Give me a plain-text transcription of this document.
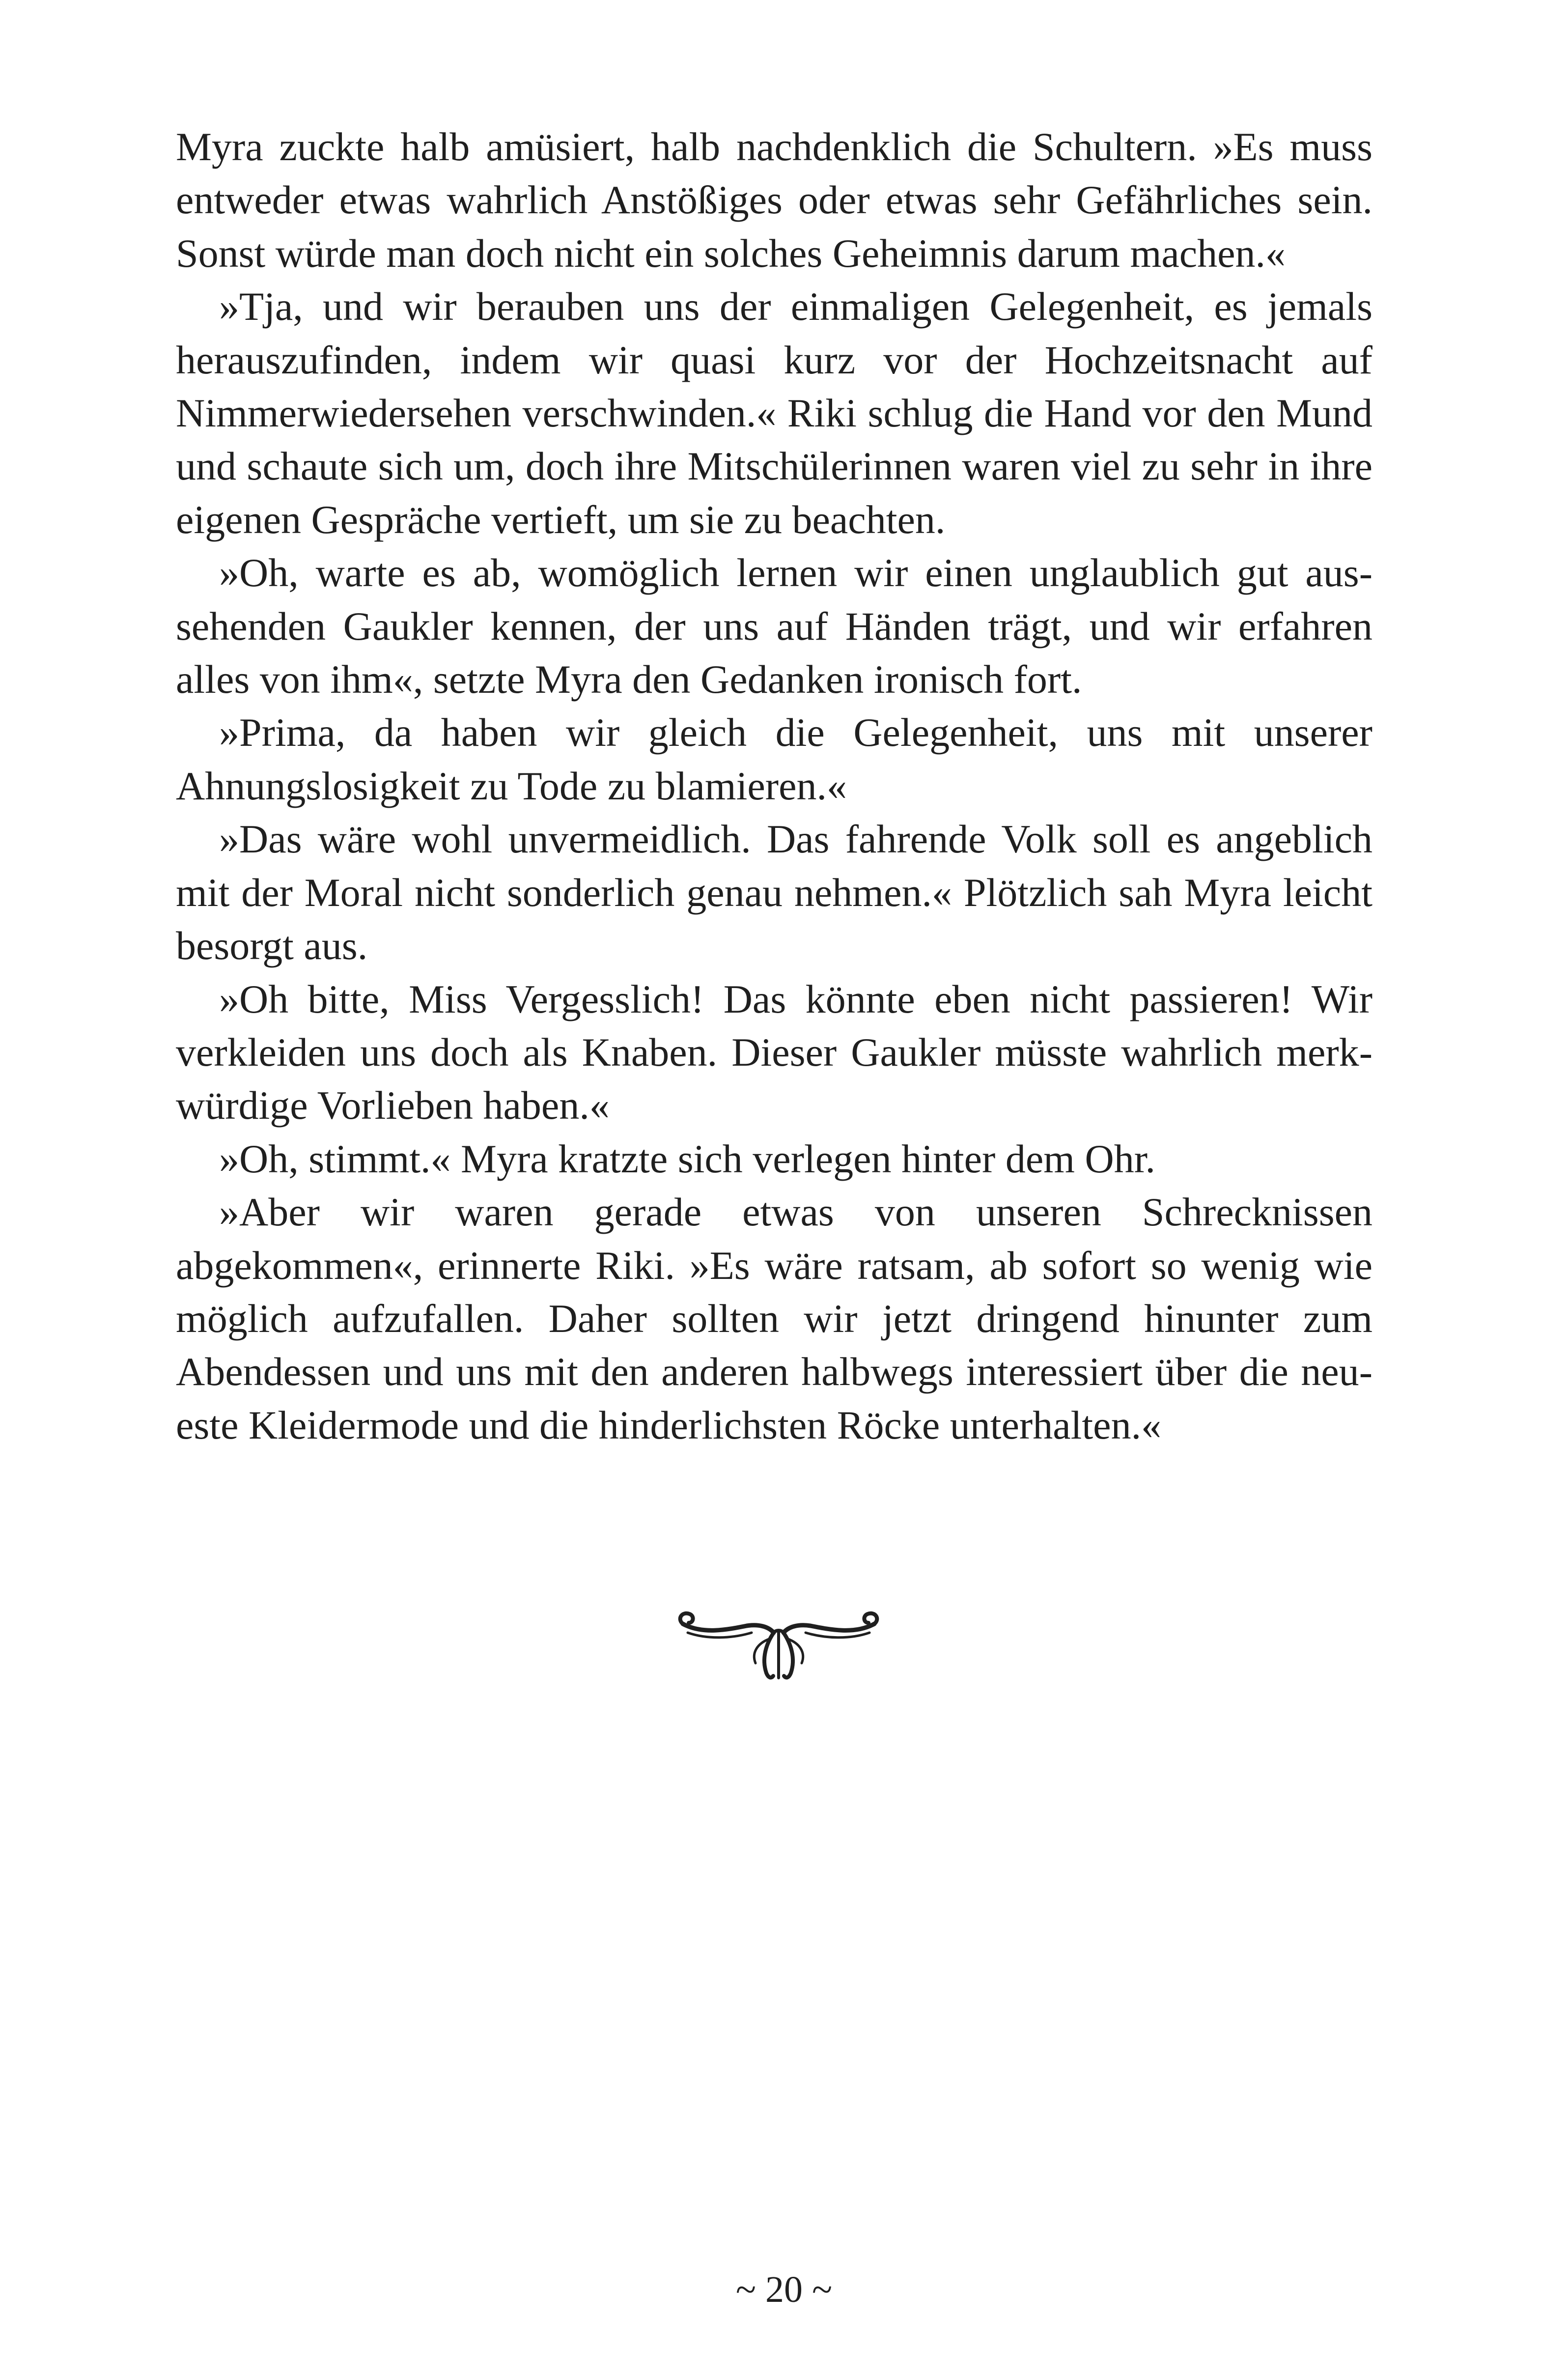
Myra zuckte halb amüsiert, halb nachdenklich die Schultern. »Es muss entweder etwas wahrlich Anstößiges oder etwas sehr Gefährliches sein. Sonst würde man doch nicht ein solches Geheimnis darum machen.«

»Tja, und wir berauben uns der einmaligen Gelegenheit, es jemals herauszufinden, indem wir quasi kurz vor der Hochzeitsnacht auf Nimmerwiedersehen verschwinden.« Riki schlug die Hand vor den Mund und schaute sich um, doch ihre Mitschülerinnen waren viel zu sehr in ihre eigenen Gespräche vertieft, um sie zu beachten.

»Oh, warte es ab, womöglich lernen wir einen unglaublich gut aussehenden Gaukler kennen, der uns auf Händen trägt, und wir erfahren alles von ihm«, setzte Myra den Gedanken ironisch fort.

»Prima, da haben wir gleich die Gelegenheit, uns mit unserer Ahnungslosigkeit zu Tode zu blamieren.«

»Das wäre wohl unvermeidlich. Das fahrende Volk soll es angeblich mit der Moral nicht sonderlich genau nehmen.« Plötzlich sah Myra leicht besorgt aus.

»Oh bitte, Miss Vergesslich! Das könnte eben nicht passieren! Wir verkleiden uns doch als Knaben. Dieser Gaukler müsste wahrlich merkwürdige Vorlieben haben.«

»Oh, stimmt.« Myra kratzte sich verlegen hinter dem Ohr.

»Aber wir waren gerade etwas von unseren Schrecknissen abgekommen«, erinnerte Riki. »Es wäre ratsam, ab sofort so wenig wie möglich aufzufallen. Daher sollten wir jetzt dringend hinunter zum Abendessen und uns mit den anderen halbwegs interessiert über die neueste Kleidermode und die hinderlichsten Röcke unterhalten.«

~ 20 ~
